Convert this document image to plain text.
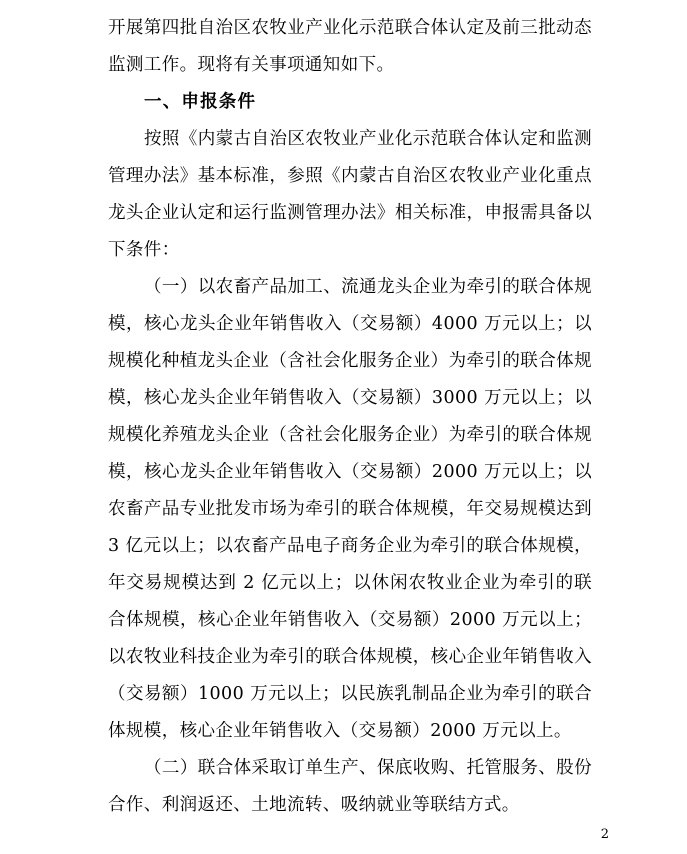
开展第四批自治区农牧业产业化示范联合体认定及前三批动态监测工作。现将有关事项通知如下。

一、申报条件

按照《内蒙古自治区农牧业产业化示范联合体认定和监测管理办法》基本标准，参照《内蒙古自治区农牧业产业化重点龙头企业认定和运行监测管理办法》相关标准，申报需具备以下条件：

（一）以农畜产品加工、流通龙头企业为牵引的联合体规模，核心龙头企业年销售收入（交易额）4000 万元以上；以规模化种植龙头企业（含社会化服务企业）为牵引的联合体规模，核心龙头企业年销售收入（交易额）3000 万元以上；以规模化养殖龙头企业（含社会化服务企业）为牵引的联合体规模，核心龙头企业年销售收入（交易额）2000 万元以上；以农畜产品专业批发市场为牵引的联合体规模，年交易规模达到 3 亿元以上；以农畜产品电子商务企业为牵引的联合体规模，年交易规模达到 2 亿元以上；以休闲农牧业企业为牵引的联合体规模，核心企业年销售收入（交易额）2000 万元以上；以农牧业科技企业为牵引的联合体规模，核心企业年销售收入（交易额）1000 万元以上；以民族乳制品企业为牵引的联合体规模，核心企业年销售收入（交易额）2000 万元以上。

（二）联合体采取订单生产、保底收购、托管服务、股份合作、利润返还、土地流转、吸纳就业等联结方式。

2
